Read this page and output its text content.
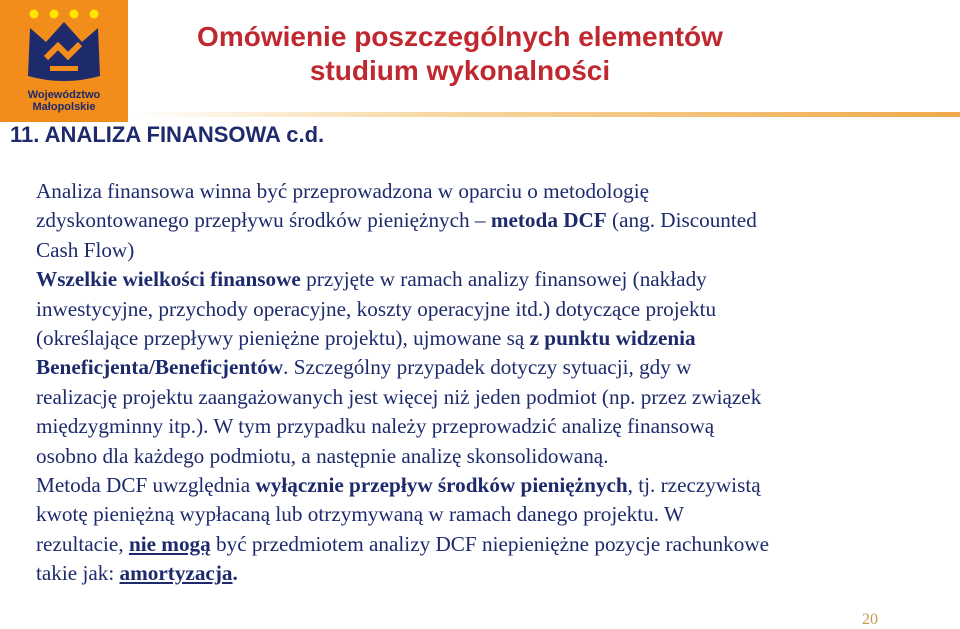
Województwo
Małopolskie
Omówienie poszczególnych elementów
studium wykonalności
11. ANALIZA FINANSOWA c.d.
Analiza finansowa winna być przeprowadzona w oparciu o metodologię
zdyskontowanego przepływu środków pieniężnych – metoda DCF (ang. Discounted
Cash Flow)
Wszelkie wielkości finansowe przyjęte w ramach analizy finansowej (nakłady
inwestycyjne, przychody operacyjne, koszty operacyjne itd.) dotyczące projektu
(określające przepływy pieniężne projektu), ujmowane są z punktu widzenia
Beneficjenta/Beneficjentów. Szczególny przypadek dotyczy sytuacji, gdy w
realizację projektu zaangażowanych jest więcej niż jeden podmiot (np. przez związek
międzygminny itp.). W tym przypadku należy przeprowadzić analizę finansową
osobno dla każdego podmiotu, a następnie analizę skonsolidowaną.
Metoda DCF uwzględnia wyłącznie przepływ środków pieniężnych, tj. rzeczywistą
kwotę pieniężną wypłacaną lub otrzymywaną w ramach danego projektu. W
rezultacie, nie mogą być przedmiotem analizy DCF niepieniężne pozycje rachunkowe
takie jak: amortyzacja.
20
